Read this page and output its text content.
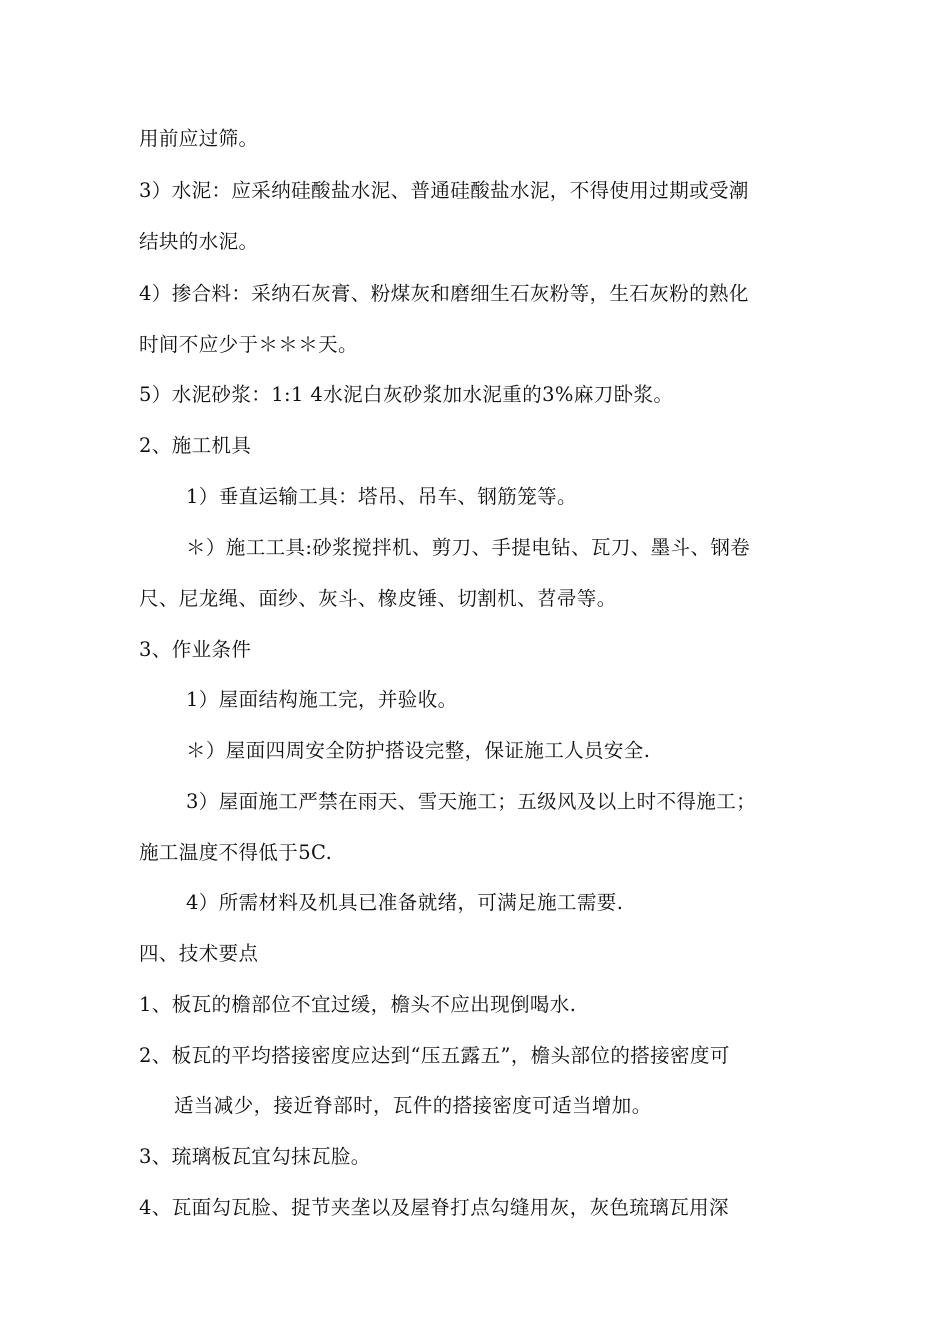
用前应过筛。
3）水泥：应采纳硅酸盐水泥、普通硅酸盐水泥，不得使用过期或受潮
结块的水泥。
4）掺合料：采纳石灰膏、粉煤灰和磨细生石灰粉等，生石灰粉的熟化
时间不应少于＊＊＊天。
5）水泥砂浆：1:1 4水泥白灰砂浆加水泥重的3%麻刀卧浆。
2、施工机具
1）垂直运输工具：塔吊、吊车、钢筋笼等。
＊）施工工具:砂浆搅拌机、剪刀、手提电钻、瓦刀、墨斗、钢卷
尺、尼龙绳、面纱、灰斗、橡皮锤、切割机、苕帚等。
3、作业条件
1）屋面结构施工完，并验收。
＊）屋面四周安全防护搭设完整，保证施工人员安全.
3）屋面施工严禁在雨天、雪天施工；五级风及以上时不得施工；
施工温度不得低于5C.
4）所需材料及机具已准备就绪，可满足施工需要.
四、技术要点
1、板瓦的檐部位不宜过缓，檐头不应出现倒喝水.
2、板瓦的平均搭接密度应达到“压五露五”，檐头部位的搭接密度可
适当减少，接近脊部时，瓦件的搭接密度可适当增加。
3、琉璃板瓦宜勾抹瓦脸。
4、瓦面勾瓦脸、捉节夹垄以及屋脊打点勾缝用灰，灰色琉璃瓦用深
